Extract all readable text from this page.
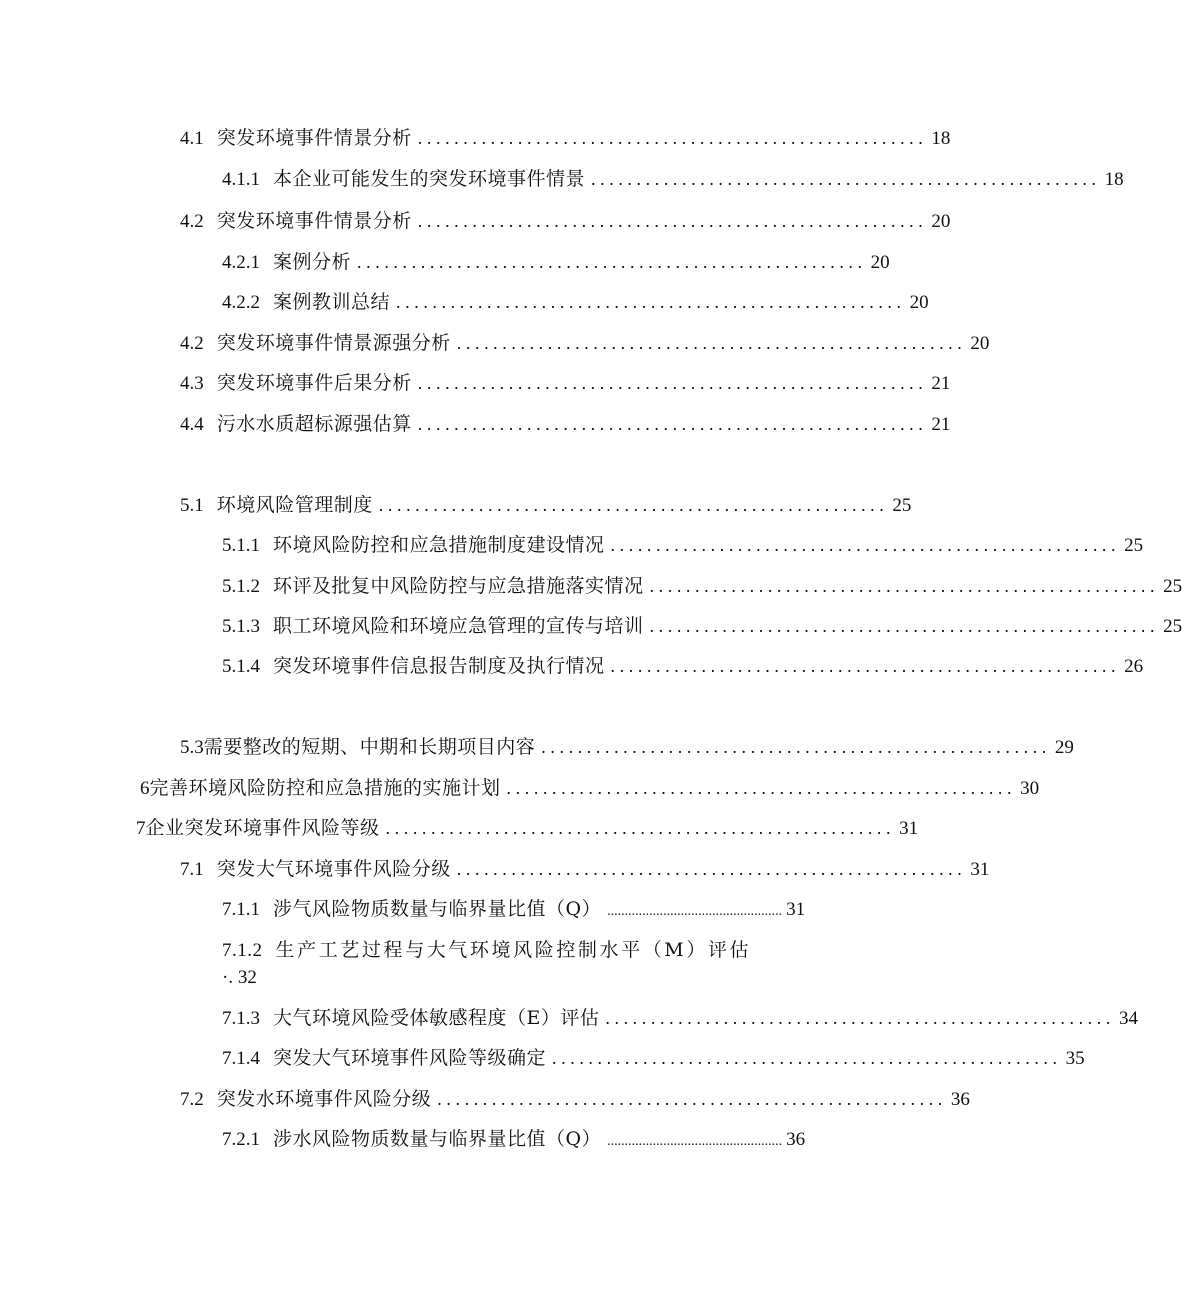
4.1 突发环境事件情景分析 ........................................................ 18
4.1.1 本企业可能发生的突发环境事件情景 ........................................................ 18
4.2 突发环境事件情景分析 ........................................................ 20
4.2.1 案例分析 ........................................................ 20
4.2.2 案例教训总结 ........................................................ 20
4.2 突发环境事件情景源强分析 ........................................................ 20
4.3 突发环境事件后果分析 ........................................................ 21
4.4 污水水质超标源强估算 ........................................................ 21
5.1 环境风险管理制度 ........................................................ 25
5.1.1 环境风险防控和应急措施制度建设情况 ........................................................ 25
5.1.2 环评及批复中风险防控与应急措施落实情况 ........................................................ 25
5.1.3 职工环境风险和环境应急管理的宣传与培训 ........................................................ 25
5.1.4 突发环境事件信息报告制度及执行情况 ........................................................ 26
5.3 需要整改的短期、中期和长期项目内容 ........................................................ 29
6 完善环境风险防控和应急措施的实施计划 ........................................................ 30
7 企业突发环境事件风险等级 ........................................................ 31
7.1 突发大气环境事件风险分级 ........................................................ 31
7.1.1 涉气风险物质数量与临界量比值（Q） .................................................. 31
7.1.2 生产工艺过程与大气环境风险控制水平（M）评估
·. 32
7.1.3 大气环境风险受体敏感程度（E）评估 ........................................................ 34
7.1.4 突发大气环境事件风险等级确定 ........................................................ 35
7.2 突发水环境事件风险分级 ........................................................ 36
7.2.1 涉水风险物质数量与临界量比值（Q） .................................................. 36
